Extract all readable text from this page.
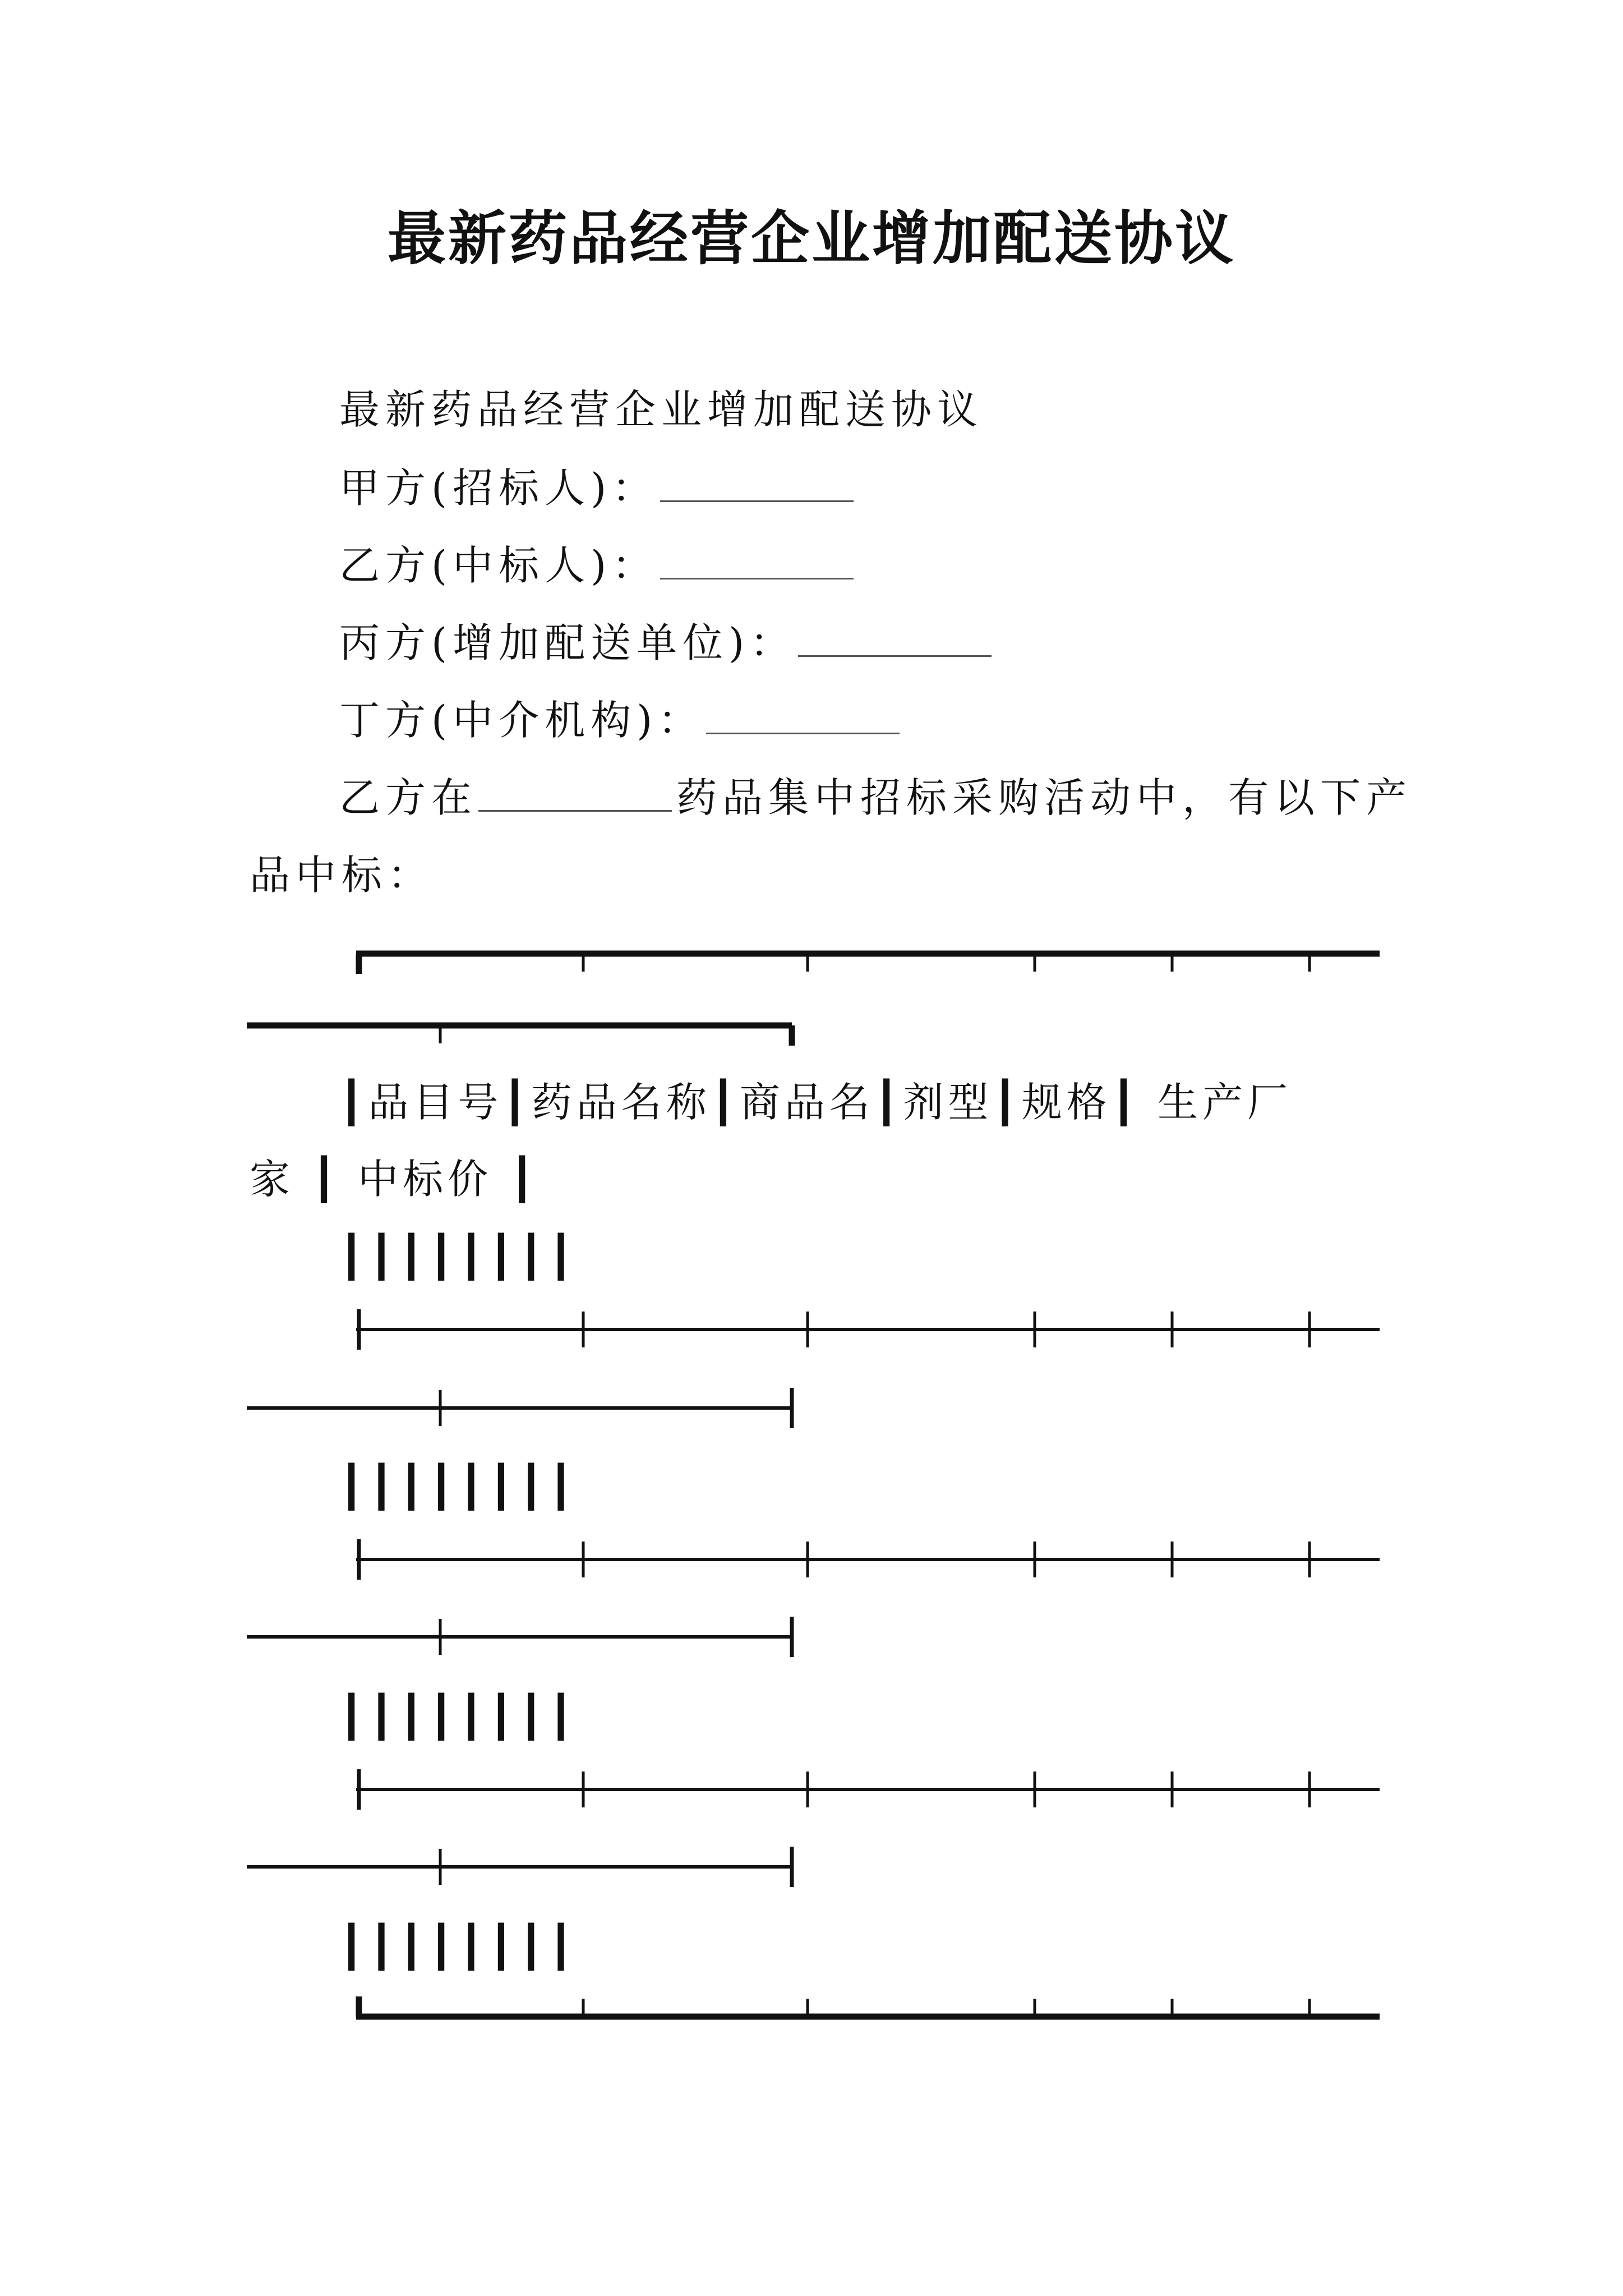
最新药品经营企业增加配送协议
最新药品经营企业增加配送协议
甲方(招标人)：
乙方(中标人)：
丙方(增加配送单位)：
丁方(中介机构)：
乙方在	药品集中招标采购活动中，有以下产
品中标：
┃品目号┃药品名称┃商品名┃剂型┃规格┃ 生产厂
家 ┃ 中标价 ┃
┃┃┃┃┃┃┃┃
┃┃┃┃┃┃┃┃
┃┃┃┃┃┃┃┃
┃┃┃┃┃┃┃┃
